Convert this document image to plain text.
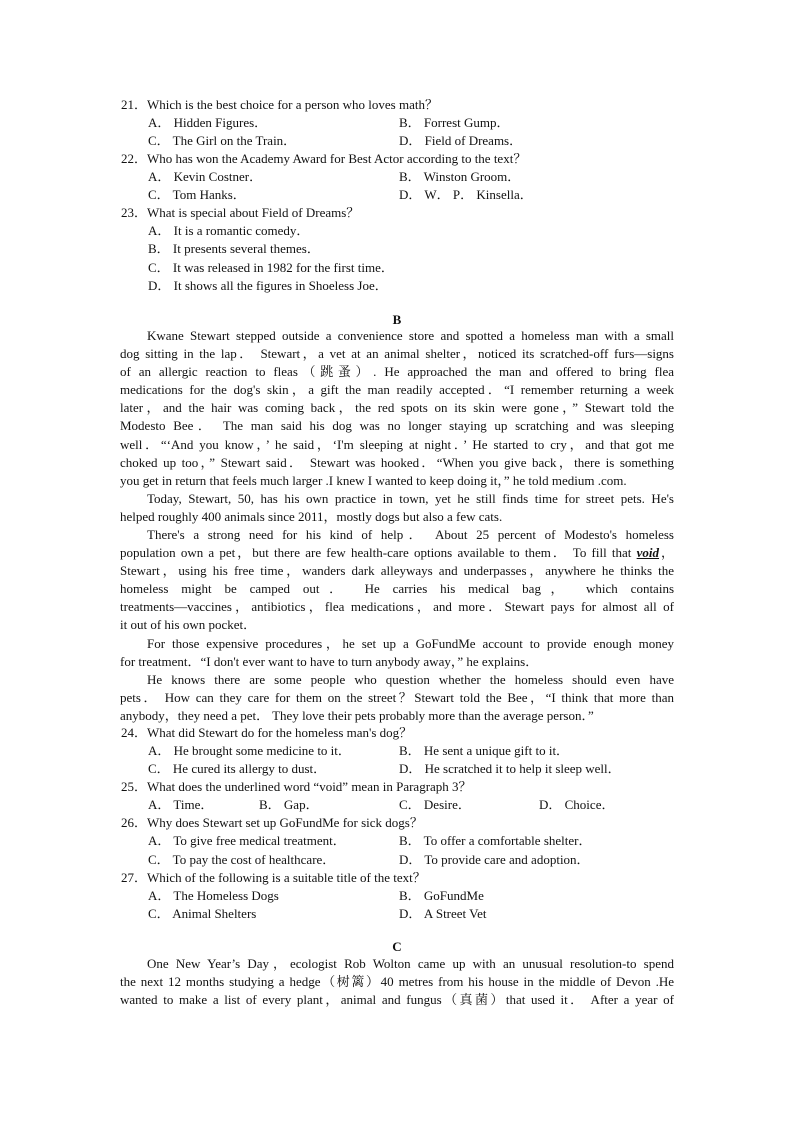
21．Which is the best choice for a person who loves math？
A． Hidden Figures．	B． Forrest Gump．
C． The Girl on the Train．	D． Field of Dreams．
22．Who has won the Academy Award for Best Actor according to the text？
A． Kevin Costner．	B． Winston Groom．
C． Tom Hanks．	D． W． P． Kinsella．
23．What is special about Field of Dreams？
A． It is a romantic comedy．
B． It presents several themes．
C． It was released in 1982 for the first time．
D． It shows all the figures in Shoeless Joe．
B
Kwane Stewart stepped outside a convenience store and spotted a homeless man with a small
dog sitting in the lap． Stewart，a vet at an animal shelter，noticed its scratched-off furs—signs
of an allergic reaction to fleas（跳蚤）. He approached the man and offered to bring flea
medications for the dog's skin，a gift the man readily accepted．“I remember returning a week
later，and the hair was coming back，the red spots on its skin were gone，” Stewart told the
Modesto Bee． The man said his dog was no longer staying up scratching and was sleeping
well．“‘And you know，’ he said，‘I'm sleeping at night．’ He started to cry，and that got me
choked up too，” Stewart said． Stewart was hooked．“When you give back，there is something
you get in return that feels much larger .I knew I wanted to keep doing it，” he told medium .com.
Today, Stewart, 50, has his own practice in town, yet he still finds time for street pets. He's
helped roughly 400 animals since 2011，mostly dogs but also a few cats.
There's a strong need for his kind of help． About 25 percent of Modesto's homeless
population own a pet，but there are few health-care options available to them． To fill that void，
Stewart，using his free time，wanders dark alleyways and underpasses，anywhere he thinks the
homeless might be camped out． He carries his medical bag， which contains
treatments—vaccines，antibiotics，flea medications，and more．Stewart pays for almost all of
it out of his own pocket．
For those expensive procedures，he set up a GoFundMe account to provide enough money
for treatment．“I don't ever want to have to turn anybody away，” he explains．
He knows there are some people who question whether the homeless should even have
pets． How can they care for them on the street？Stewart told the Bee，“I think that more than
anybody，they need a pet． They love their pets probably more than the average person．”
24．What did Stewart do for the homeless man's dog？
A． He brought some medicine to it．	B． He sent a unique gift to it．
C． He cured its allergy to dust．	D． He scratched it to help it sleep well．
25．What does the underlined word “void” mean in Paragraph 3？
A． Time．	B． Gap．	C． Desire．	D． Choice．
26．Why does Stewart set up GoFundMe for sick dogs？
A． To give free medical treatment．	B． To offer a comfortable shelter．
C． To pay the cost of healthcare．	D． To provide care and adoption．
27．Which of the following is a suitable title of the text？
A． The Homeless Dogs	B． GoFundMe
C． Animal Shelters	D． A Street Vet
C
One New Year’s Day，ecologist Rob Wolton came up with an unusual resolution-to spend
the next 12 months studying a hedge（树篱）40 metres from his house in the middle of Devon .He
wanted to make a list of every plant，animal and fungus（真菌）that used it． After a year of
